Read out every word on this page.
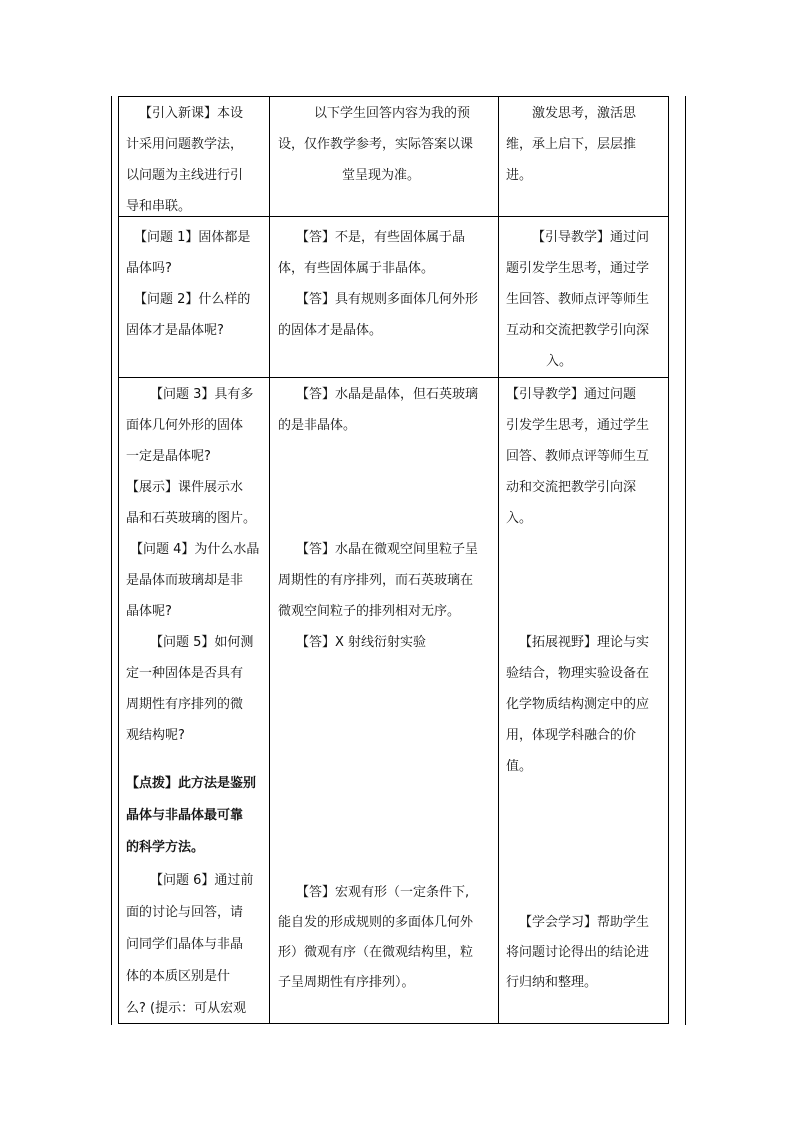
【引入新课】本设

计采用问题教学法，

以问题为主线进行引

导和串联。

以下学生回答内容为我的预

设，仅作教学参考，实际答案以课

堂呈现为准。

激发思考，激活思

维，承上启下，层层推

进。

【问题 1】固体都是

晶体吗?

【问题 2】什么样的

固体才是晶体呢?

【答】不是，有些固体属于晶

体，有些固体属于非晶体。

【答】具有规则多面体几何外形

的固体才是晶体。

【引导教学】通过问

题引发学生思考，通过学

生回答、教师点评等师生

互动和交流把教学引向深

入。

【问题 3】具有多

面体几何外形的固体

一定是晶体呢?

【展示】课件展示水

晶和石英玻璃的图片。

【问题 4】为什么水晶

是晶体而玻璃却是非

晶体呢?

【问题 5】如何测

定一种固体是否具有

周期性有序排列的微

观结构呢?

【点拨】此方法是鉴别

晶体与非晶体最可靠

的科学方法。

【问题 6】通过前

面的讨论与回答，请

问同学们晶体与非晶

体的本质区别是什

么? (提示：可从宏观

【答】水晶是晶体，但石英玻璃

的是非晶体。

【答】水晶在微观空间里粒子呈

周期性的有序排列，而石英玻璃在

微观空间粒子的排列相对无序。

【答】X 射线衍射实验

【答】宏观有形（一定条件下,

能自发的形成规则的多面体几何外

形）微观有序（在微观结构里，粒

子呈周期性有序排列）。

【引导教学】通过问题

引发学生思考，通过学生

回答、教师点评等师生互

动和交流把教学引向深

入。

【拓展视野】理论与实

验结合，物理实验设备在

化学物质结构测定中的应

用，体现学科融合的价

值。

【学会学习】帮助学生

将问题讨论得出的结论进

行归纳和整理。
